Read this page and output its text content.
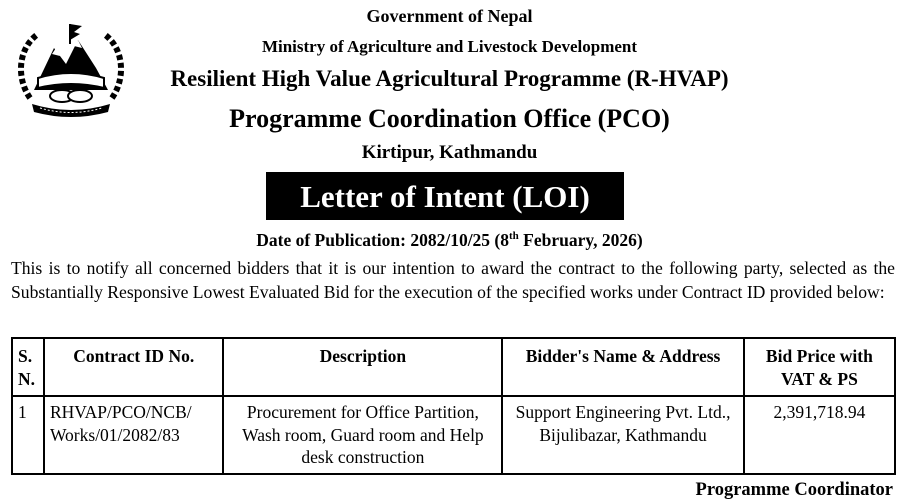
Government of Nepal
Ministry of Agriculture and Livestock Development
Resilient High Value Agricultural Programme (R-HVAP)
Programme Coordination Office (PCO)
Kirtipur, Kathmandu
Letter of Intent (LOI)
Date of Publication: 2082/10/25 (8th February, 2026)
This is to notify all concerned bidders that it is our intention to award the contract to the following party, selected as the Substantially Responsive Lowest Evaluated Bid for the execution of the specified works under Contract ID provided below:
S. N.	Contract ID No.	Description	Bidder's Name & Address	Bid Price with VAT & PS
1	RHVAP/PCO/NCB/ Works/01/2082/83	Procurement for Office Partition, Wash room, Guard room and Help desk construction	Support Engineering Pvt. Ltd., Bijulibazar, Kathmandu	2,391,718.94
Programme Coordinator
